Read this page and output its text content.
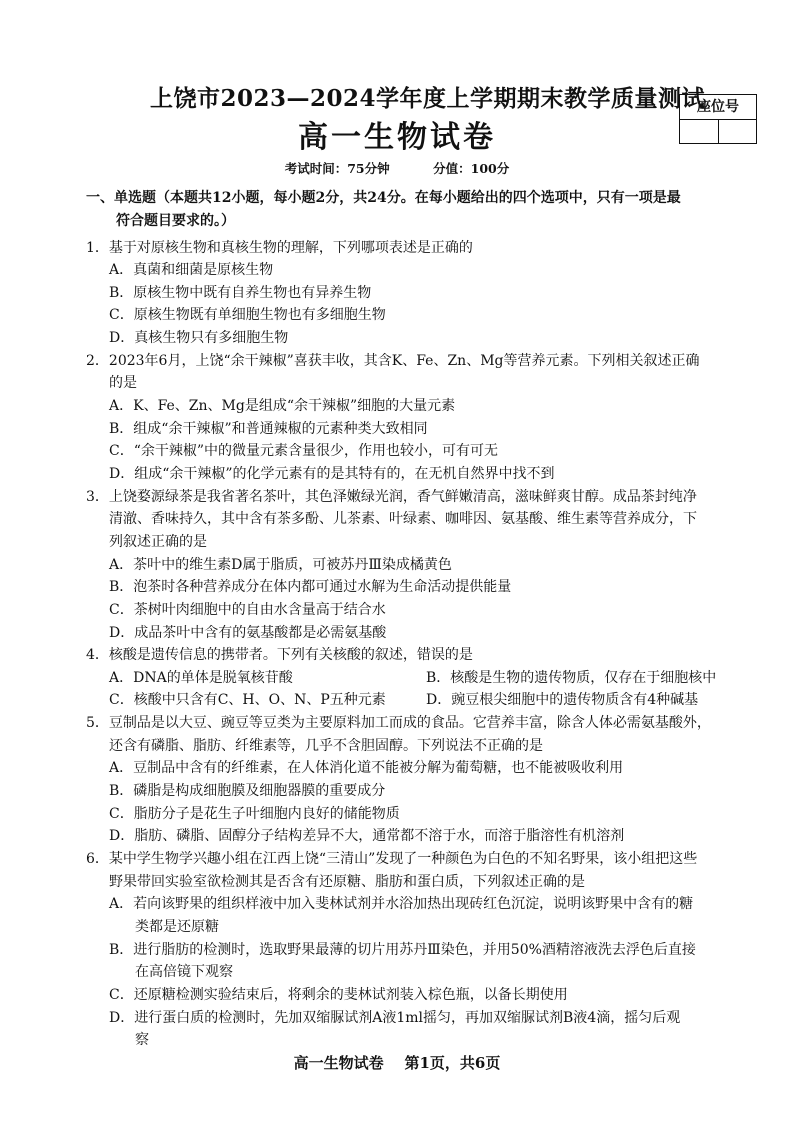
上饶市2023—2024学年度上学期期末教学质量测试
高一生物试卷
座位号
考试时间：75分钟          分值：100分
一、单选题（本题共12小题，每小题2分，共24分。在每小题给出的四个选项中，只有一项是最
符合题目要求的。）
1．基于对原核生物和真核生物的理解，下列哪项表述是正确的
A．真菌和细菌是原核生物
B．原核生物中既有自养生物也有异养生物
C．原核生物既有单细胞生物也有多细胞生物
D．真核生物只有多细胞生物
2．2023年6月，上饶“余干辣椒”喜获丰收，其含K、Fe、Zn、Mg等营养元素。下列相关叙述正确
的是
A．K、Fe、Zn、Mg是组成“余干辣椒”细胞的大量元素
B．组成“余干辣椒”和普通辣椒的元素种类大致相同
C．“余干辣椒”中的微量元素含量很少，作用也较小，可有可无
D．组成“余干辣椒”的化学元素有的是其特有的，在无机自然界中找不到
3．上饶婺源绿茶是我省著名茶叶，其色泽嫩绿光润，香气鲜嫩清高，滋味鲜爽甘醇。成品茶封纯净
清澈、香味持久，其中含有茶多酚、儿茶素、叶绿素、咖啡因、氨基酸、维生素等营养成分，下
列叙述正确的是
A．茶叶中的维生素D属于脂质，可被苏丹Ⅲ染成橘黄色
B．泡茶时各种营养成分在体内都可通过水解为生命活动提供能量
C．茶树叶肉细胞中的自由水含量高于结合水
D．成品茶叶中含有的氨基酸都是必需氨基酸
4．核酸是遗传信息的携带者。下列有关核酸的叙述，错误的是
A．DNA的单体是脱氧核苷酸	B．核酸是生物的遗传物质，仅存在于细胞核中
C．核酸中只含有C、H、O、N、P五种元素	D．豌豆根尖细胞中的遗传物质含有4种碱基
5．豆制品是以大豆、豌豆等豆类为主要原料加工而成的食品。它营养丰富，除含人体必需氨基酸外，
还含有磷脂、脂肪、纤维素等，几乎不含胆固醇。下列说法不正确的是
A．豆制品中含有的纤维素，在人体消化道不能被分解为葡萄糖，也不能被吸收利用
B．磷脂是构成细胞膜及细胞器膜的重要成分
C．脂肪分子是花生子叶细胞内良好的储能物质
D．脂肪、磷脂、固醇分子结构差异不大，通常都不溶于水，而溶于脂溶性有机溶剂
6．某中学生物学兴趣小组在江西上饶“三清山”发现了一种颜色为白色的不知名野果，该小组把这些
野果带回实验室欲检测其是否含有还原糖、脂肪和蛋白质，下列叙述正确的是
A．若向该野果的组织样液中加入斐林试剂并水浴加热出现砖红色沉淀，说明该野果中含有的糖
类都是还原糖
B．进行脂肪的检测时，选取野果最薄的切片用苏丹Ⅲ染色，并用50%酒精溶液洗去浮色后直接
在高倍镜下观察
C．还原糖检测实验结束后，将剩余的斐林试剂装入棕色瓶，以备长期使用
D．进行蛋白质的检测时，先加双缩脲试剂A液1ml摇匀，再加双缩脲试剂B液4滴，摇匀后观
察
高一生物试卷    第1页，共6页
